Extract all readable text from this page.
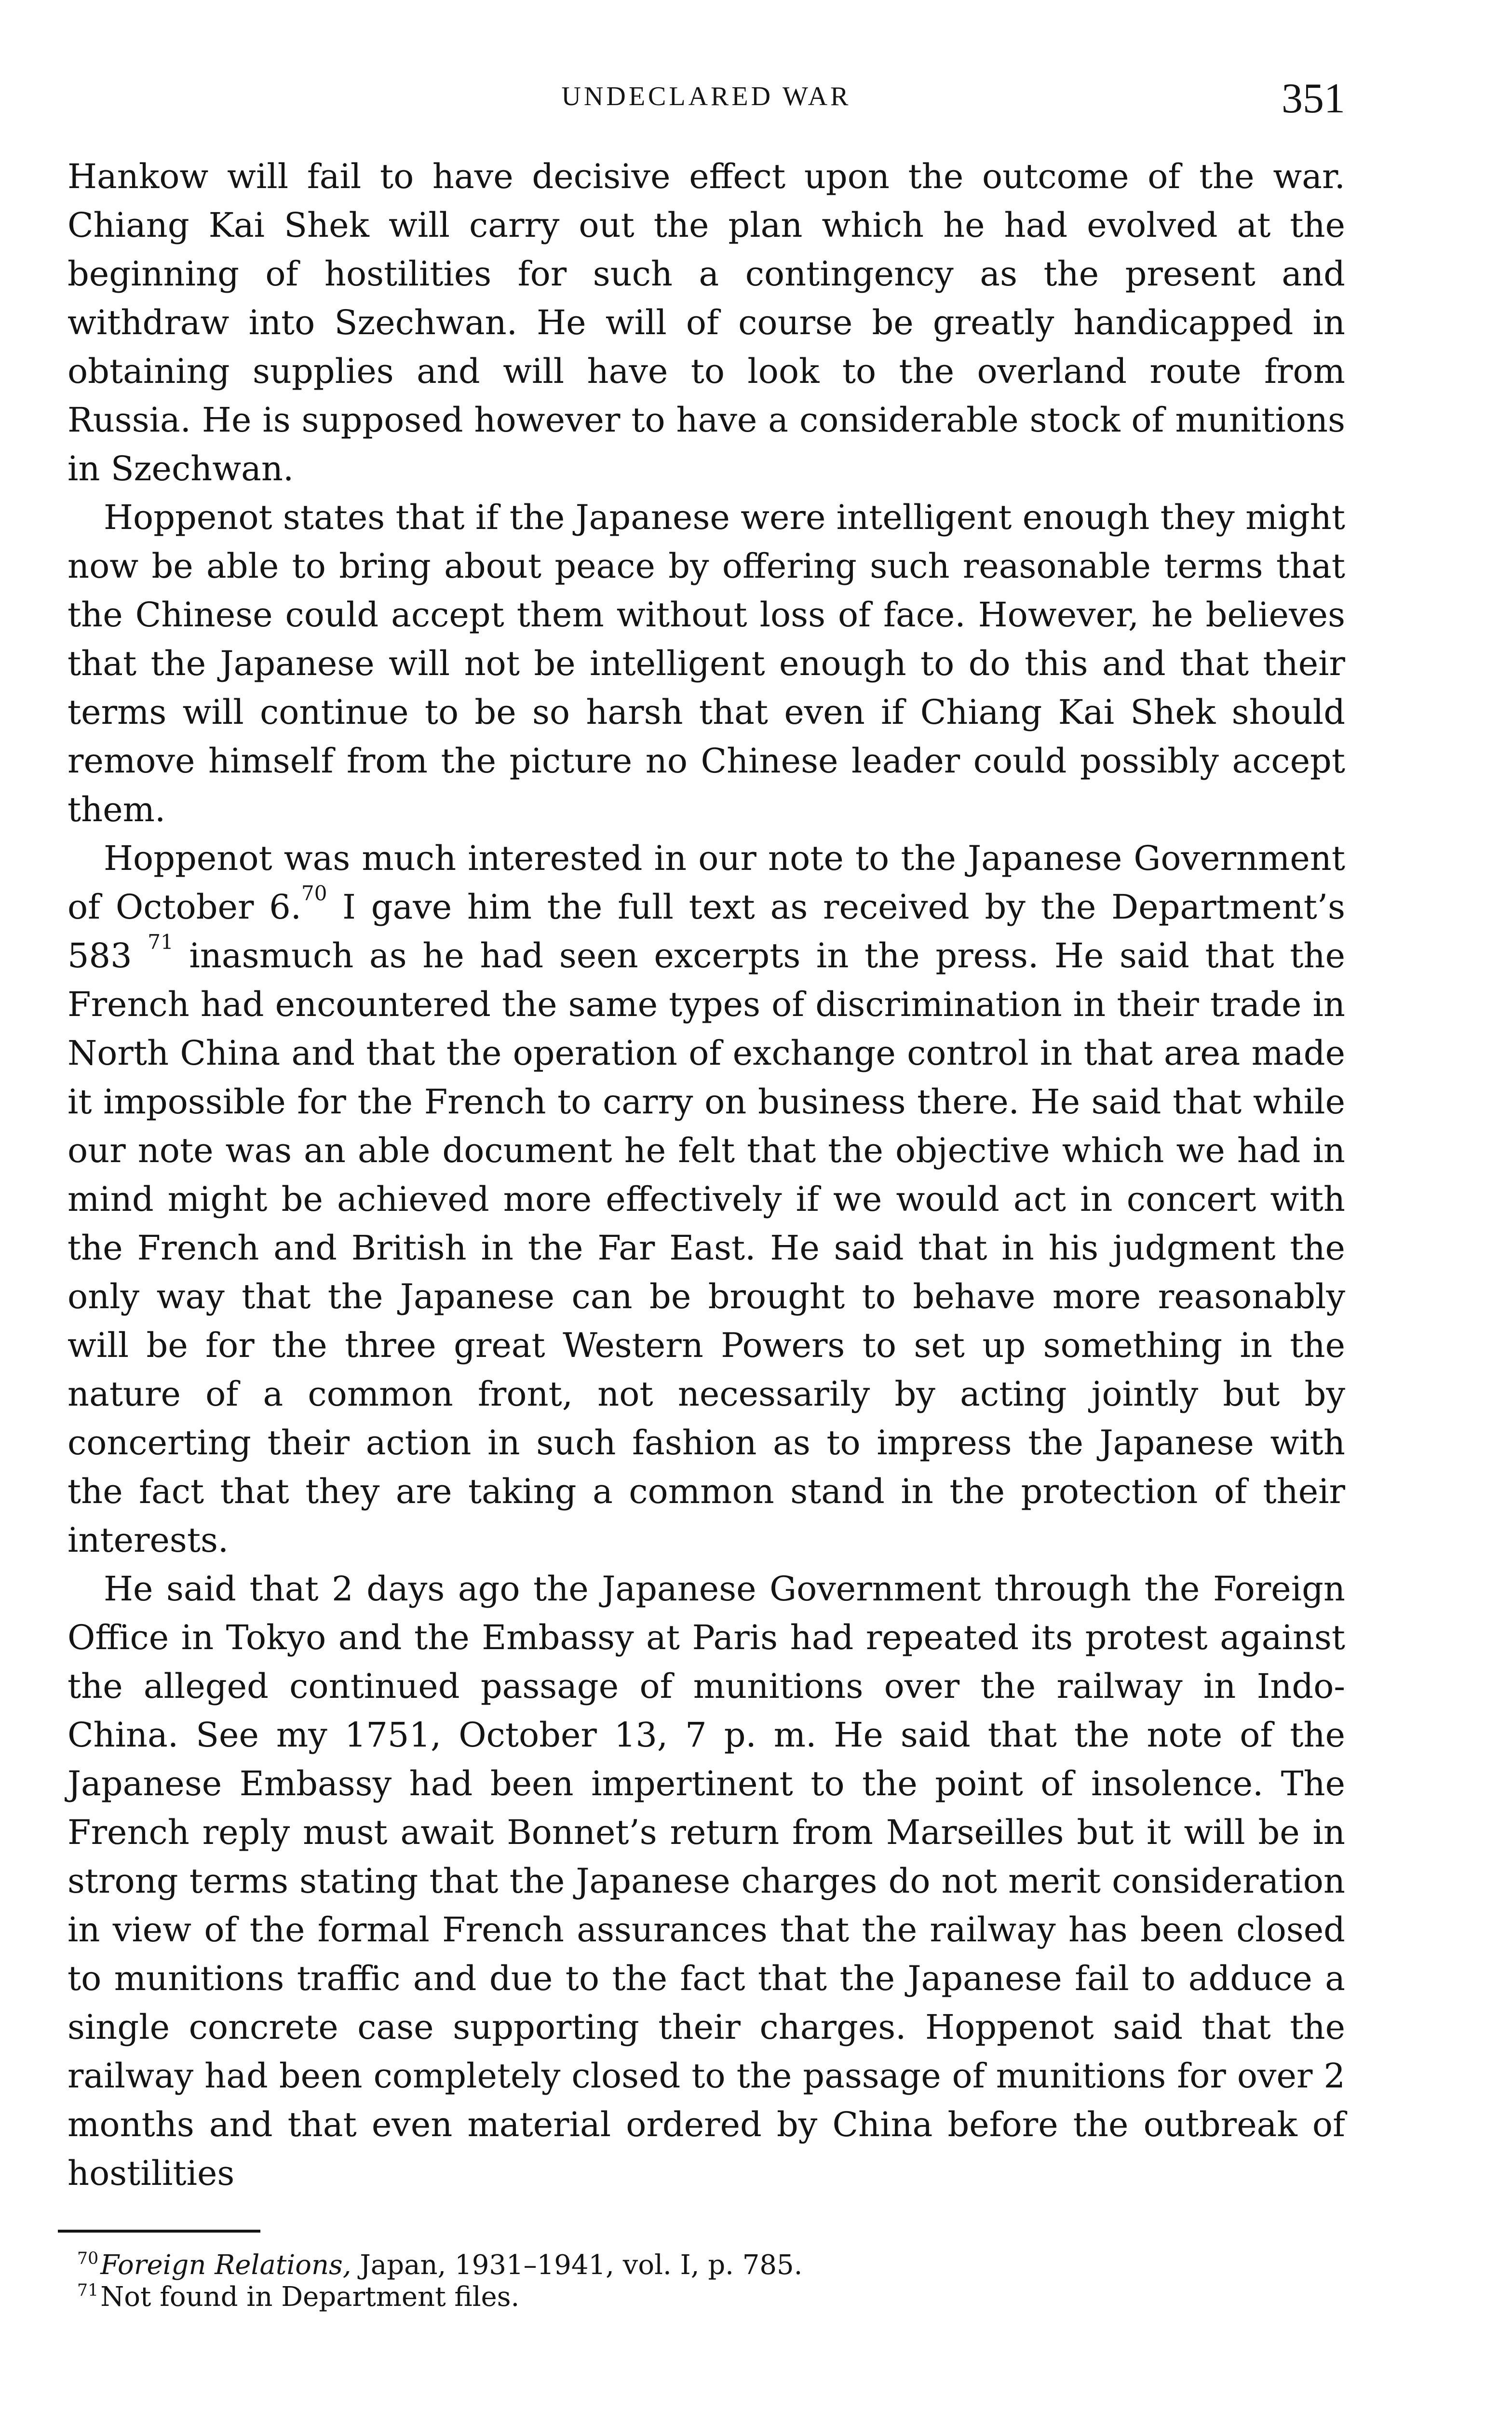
UNDECLARED WAR	351

Hankow will fail to have decisive effect upon the outcome of the war. Chiang Kai Shek will carry out the plan which he had evolved at the beginning of hostilities for such a contingency as the present and withdraw into Szechwan. He will of course be greatly handicapped in obtaining supplies and will have to look to the overland route from Russia. He is supposed however to have a considerable stock of munitions in Szechwan.

Hoppenot states that if the Japanese were intelligent enough they might now be able to bring about peace by offering such reasonable terms that the Chinese could accept them without loss of face. However, he believes that the Japanese will not be intelligent enough to do this and that their terms will continue to be so harsh that even if Chiang Kai Shek should remove himself from the picture no Chinese leader could possibly accept them.

Hoppenot was much interested in our note to the Japanese Government of October 6.70 I gave him the full text as received by the Department’s 583 $^{71}$ inasmuch as he had seen excerpts in the press. He said that the French had encountered the same types of discrimination in their trade in North China and that the operation of exchange control in that area made it impossible for the French to carry on business there. He said that while our note was an able document he felt that the objective which we had in mind might be achieved more effectively if we would act in concert with the French and British in the Far East. He said that in his judgment the only way that the Japanese can be brought to behave more reasonably will be for the three great Western Powers to set up something in the nature of a common front, not necessarily by acting jointly but by concerting their action in such fashion as to impress the Japanese with the fact that they are taking a common stand in the protection of their interests.

He said that 2 days ago the Japanese Government through the Foreign Office in Tokyo and the Embassy at Paris had repeated its protest against the alleged continued passage of munitions over the railway in Indo-China. See my 1751, October 13, 7 p. m. He said that the note of the Japanese Embassy had been impertinent to the point of insolence. The French reply must await Bonnet’s return from Marseilles but it will be in strong terms stating that the Japanese charges do not merit consideration in view of the formal French assurances that the railway has been closed to munitions traffic and due to the fact that the Japanese fail to adduce a single concrete case supporting their charges. Hoppenot said that the railway had been completely closed to the passage of munitions for over 2 months and that even material ordered by China before the outbreak of hostilities

$^{70}$Foreign Relations, Japan, 1931–1941, vol. I, p. 785.

$^{71}$Not found in Department files.
